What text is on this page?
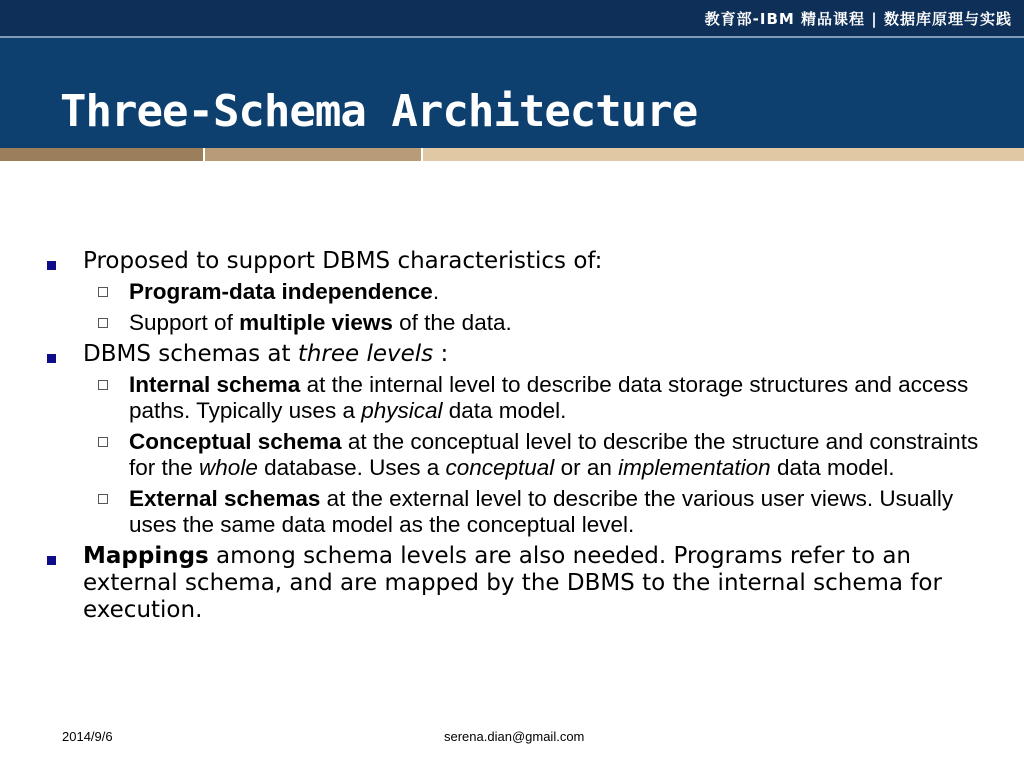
教育部-IBM 精品课程 | 数据库原理与实践
Three-Schema Architecture
Proposed to support DBMS characteristics of:
Program-data independence.
Support of multiple views of the data.
DBMS schemas at three levels :
Internal schema at the internal level to describe data storage structures and access paths. Typically uses a physical data model.
Conceptual schema at the conceptual level to describe the structure and constraints for the whole database. Uses a conceptual or an implementation data model.
External schemas at the external level to describe the various user views. Usually uses the same data model as the conceptual level.
Mappings among schema levels are also needed. Programs refer to an external schema, and are mapped by the DBMS to the internal schema for execution.
2014/9/6	serena.dian@gmail.com
